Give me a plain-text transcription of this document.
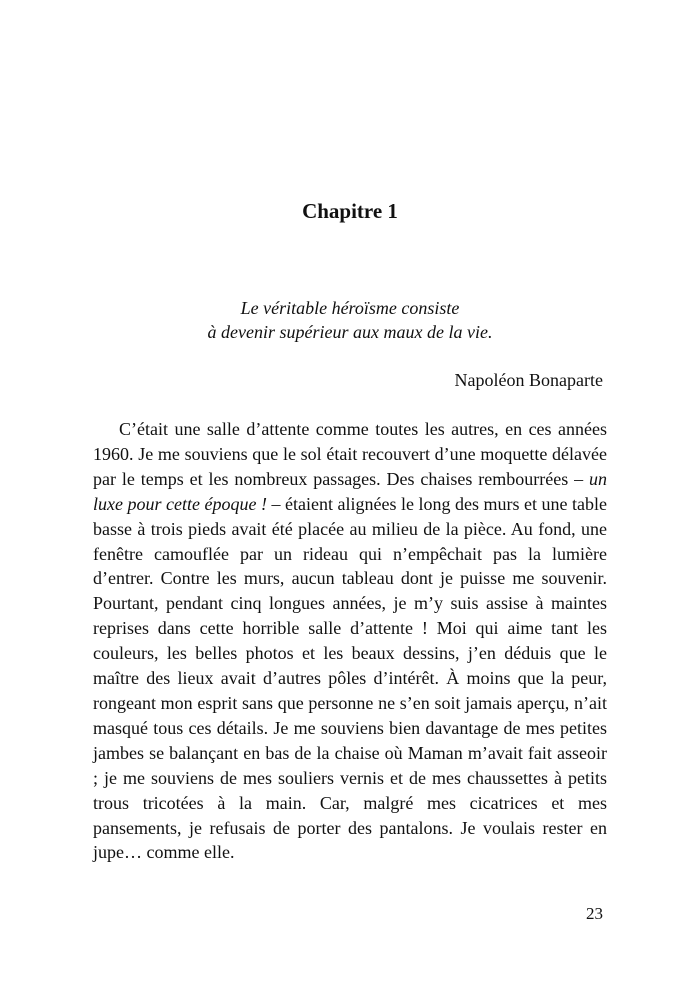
Chapitre 1
Le véritable héroïsme consiste
à devenir supérieur aux maux de la vie.
Napoléon Bonaparte

C’était une salle d’attente comme toutes les autres, en ces années 1960. Je me souviens que le sol était recouvert d’une moquette délavée par le temps et les nombreux passages. Des chaises rembourrées – un luxe pour cette époque ! – étaient alignées le long des murs et une table basse à trois pieds avait été placée au milieu de la pièce. Au fond, une fenêtre camouflée par un rideau qui n’empêchait pas la lumière d’entrer. Contre les murs, aucun tableau dont je puisse me souvenir. Pourtant, pendant cinq longues années, je m’y suis assise à maintes reprises dans cette horrible salle d’attente ! Moi qui aime tant les couleurs, les belles photos et les beaux dessins, j’en déduis que le maître des lieux avait d’autres pôles d’intérêt. À moins que la peur, rongeant mon esprit sans que personne ne s’en soit jamais aperçu, n’ait masqué tous ces détails. Je me souviens bien davantage de mes petites jambes se balançant en bas de la chaise où Maman m’avait fait asseoir ; je me souviens de mes souliers vernis et de mes chaussettes à petits trous tricotées à la main. Car, malgré mes cicatrices et mes pansements, je refusais de porter des pantalons. Je voulais rester en jupe… comme elle.

23
